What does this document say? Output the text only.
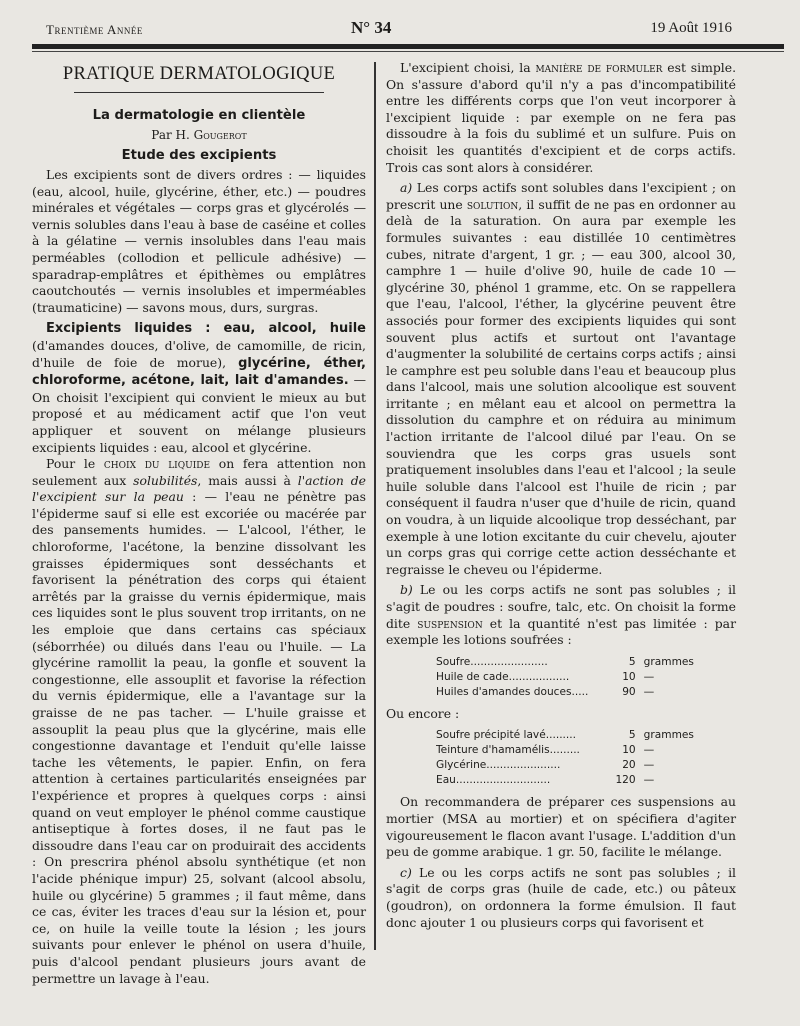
Trentième Année	N° 34	19 Août 1916
PRATIQUE DERMATOLOGIQUE
La dermatologie en clientèle
Par H. Gougerot
Etude des excipients

Les excipients sont de divers ordres : — liquides (eau, alcool, huile, glycérine, éther, etc.) — poudres minérales et végétales — corps gras et glycérolés — vernis solubles dans l'eau à base de caséine et colles à la gélatine — vernis insolubles dans l'eau mais perméables (collodion et pellicule adhésive) — sparadrap-emplâtres et épithèmes ou emplâtres caoutchoutés — vernis insolubles et imperméables (traumaticine) — savons mous, durs, surgras.

Excipients liquides : eau, alcool, huile (d'amandes douces, d'olive, de camomille, de ricin, d'huile de foie de morue), glycérine, éther, chloroforme, acétone, lait, lait d'amandes. — On choisit l'excipient qui convient le mieux au but proposé et au médicament actif que l'on veut appliquer et souvent on mélange plusieurs excipients liquides : eau, alcool et glycérine.

Pour le choix du liquide on fera attention non seulement aux solubilités, mais aussi à l'action de l'excipient sur la peau : — l'eau ne pénètre pas l'épiderme sauf si elle est excoriée ou macérée par des pansements humides. — L'alcool, l'éther, le chloroforme, l'acétone, la benzine dissolvant les graisses épidermiques sont desséchants et favorisent la pénétration des corps qui étaient arrêtés par la graisse du vernis épidermique, mais ces liquides sont le plus souvent trop irritants, on ne les emploie que dans certains cas spéciaux (séborrhée) ou dilués dans l'eau ou l'huile. — La glycérine ramollit la peau, la gonfle et souvent la congestionne, elle assouplit et favorise la réfection du vernis épidermique, elle a l'avantage sur la graisse de ne pas tacher. — L'huile graisse et assouplit la peau plus que la glycérine, mais elle congestionne davantage et l'enduit qu'elle laisse tache les vêtements, le papier. Enfin, on fera attention à certaines particularités enseignées par l'expérience et propres à quelques corps : ainsi quand on veut employer le phénol comme caustique antiseptique à fortes doses, il ne faut pas le dissoudre dans l'eau car on produirait des accidents : On prescrira phénol absolu synthétique (et non l'acide phénique impur) 25, solvant (alcool absolu, huile ou glycérine) 5 grammes ; il faut même, dans ce cas, éviter les traces d'eau sur la lésion et, pour ce, on huile la veille toute la lésion ; les jours suivants pour enlever le phénol on usera d'huile, puis d'alcool pendant plusieurs jours avant de permettre un lavage à l'eau.

L'excipient choisi, la manière de formuler est simple. On s'assure d'abord qu'il n'y a pas d'incompatibilité entre les différents corps que l'on veut incorporer à l'excipient liquide : par exemple on ne fera pas dissoudre à la fois du sublimé et un sulfure. Puis on choisit les quantités d'excipient et de corps actifs. Trois cas sont alors à considérer.

a) Les corps actifs sont solubles dans l'excipient ; on prescrit une solution, il suffit de ne pas en ordonner au delà de la saturation. On aura par exemple les formules suivantes : eau distillée 10 centimètres cubes, nitrate d'argent, 1 gr. ; — eau 300, alcool 30, camphre 1 — huile d'olive 90, huile de cade 10 — glycérine 30, phénol 1 gramme, etc. On se rappellera que l'eau, l'alcool, l'éther, la glycérine peuvent être associés pour former des excipients liquides qui sont souvent plus actifs et surtout ont l'avantage d'augmenter la solubilité de certains corps actifs ; ainsi le camphre est peu soluble dans l'eau et beaucoup plus dans l'alcool, mais une solution alcoolique est souvent irritante ; en mêlant eau et alcool on permettra la dissolution du camphre et on réduira au minimum l'action irritante de l'alcool dilué par l'eau. On se souviendra que les corps gras usuels sont pratiquement insolubles dans l'eau et l'alcool ; la seule huile soluble dans l'alcool est l'huile de ricin ; par conséquent il faudra n'user que d'huile de ricin, quand on voudra, à un liquide alcoolique trop desséchant, par exemple à une lotion excitante du cuir chevelu, ajouter un corps gras qui corrige cette action desséchante et regraisse le cheveu ou l'épiderme.

b) Le ou les corps actifs ne sont pas solubles ; il s'agit de poudres : soufre, talc, etc. On choisit la forme dite suspension et la quantité n'est pas limitée : par exemple les lotions soufrées :

Soufre.......................	5 grammes
Huile de cade..................	10 —
Huiles d'amandes douces.....	90 —

Ou encore :

Soufre précipité lavé.........	5 grammes
Teinture d'hamamélis.........	10 —
Glycérine......................	20 —
Eau............................	120 —

On recommandera de préparer ces suspensions au mortier (MSA au mortier) et on spécifiera d'agiter vigoureusement le flacon avant l'usage. L'addition d'un peu de gomme arabique. 1 gr. 50, facilite le mélange.

c) Le ou les corps actifs ne sont pas solubles ; il s'agit de corps gras (huile de cade, etc.) ou pâteux (goudron), on ordonnera la forme émulsion. Il faut donc ajouter 1 ou plusieurs corps qui favorisent et
